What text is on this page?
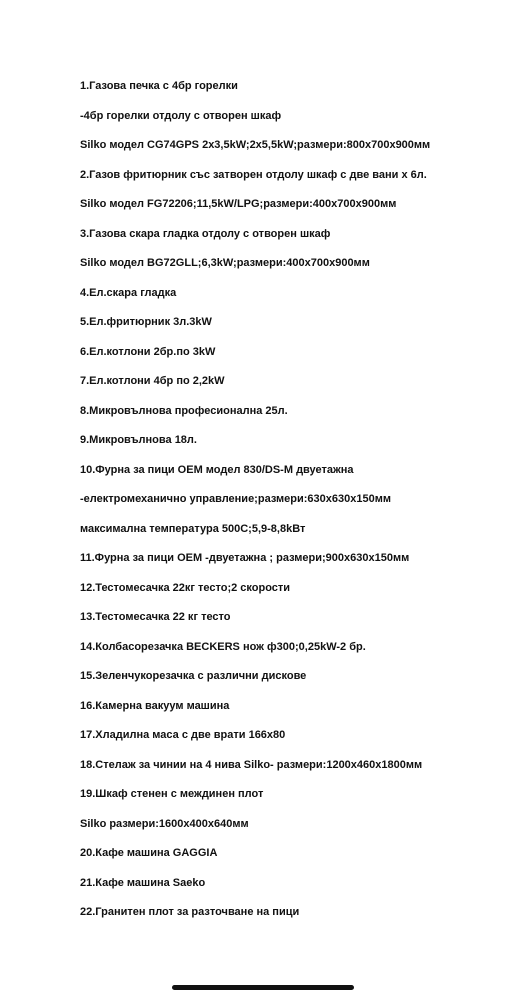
1.Газова печка с 4бр горелки
-4бр горелки отдолу с отворен шкаф
Silko модел CG74GPS 2x3,5kW;2x5,5kW;размери:800x700x900мм
2.Газов фритюрник със затворен отдолу шкаф с две вани х 6л.
Silko модел FG72206;11,5kW/LPG;размери:400x700x900мм
3.Газова скара гладка отдолу с отворен шкаф
Silko модел BG72GLL;6,3kW;размери:400x700x900мм
4.Ел.скара гладка
5.Ел.фритюрник 3л.3kW
6.Ел.котлони 2бр.по 3kW
7.Ел.котлони 4бр по 2,2kW
8.Микровълнова професионална 25л.
9.Микровълнова 18л.
10.Фурна за пици OEM модел 830/DS-M двуетажна
-електромеханично управление;размери:630x630x150мм
максимална температура 500С;5,9-8,8kВт
11.Фурна за пици OEM -двуетажна ; размери;900x630x150мм
12.Тестомесачка 22кг тесто;2 скорости
13.Тестомесачка 22 кг тесто
14.Колбасорезачка BECKERS нож ф300;0,25kW-2 бр.
15.Зеленчукорезачка с различни дискове
16.Камерна вакуум машина
17.Хладилна маса с две врати 166x80
18.Стелаж за чинии на 4 нива Silko- размери:1200x460x1800мм
19.Шкаф стенен с междинен плот
Silko размери:1600x400x640мм
20.Кафе машина GAGGIA
21.Кафе машина Saeko
22.Гранитен плот за разточване на пици
